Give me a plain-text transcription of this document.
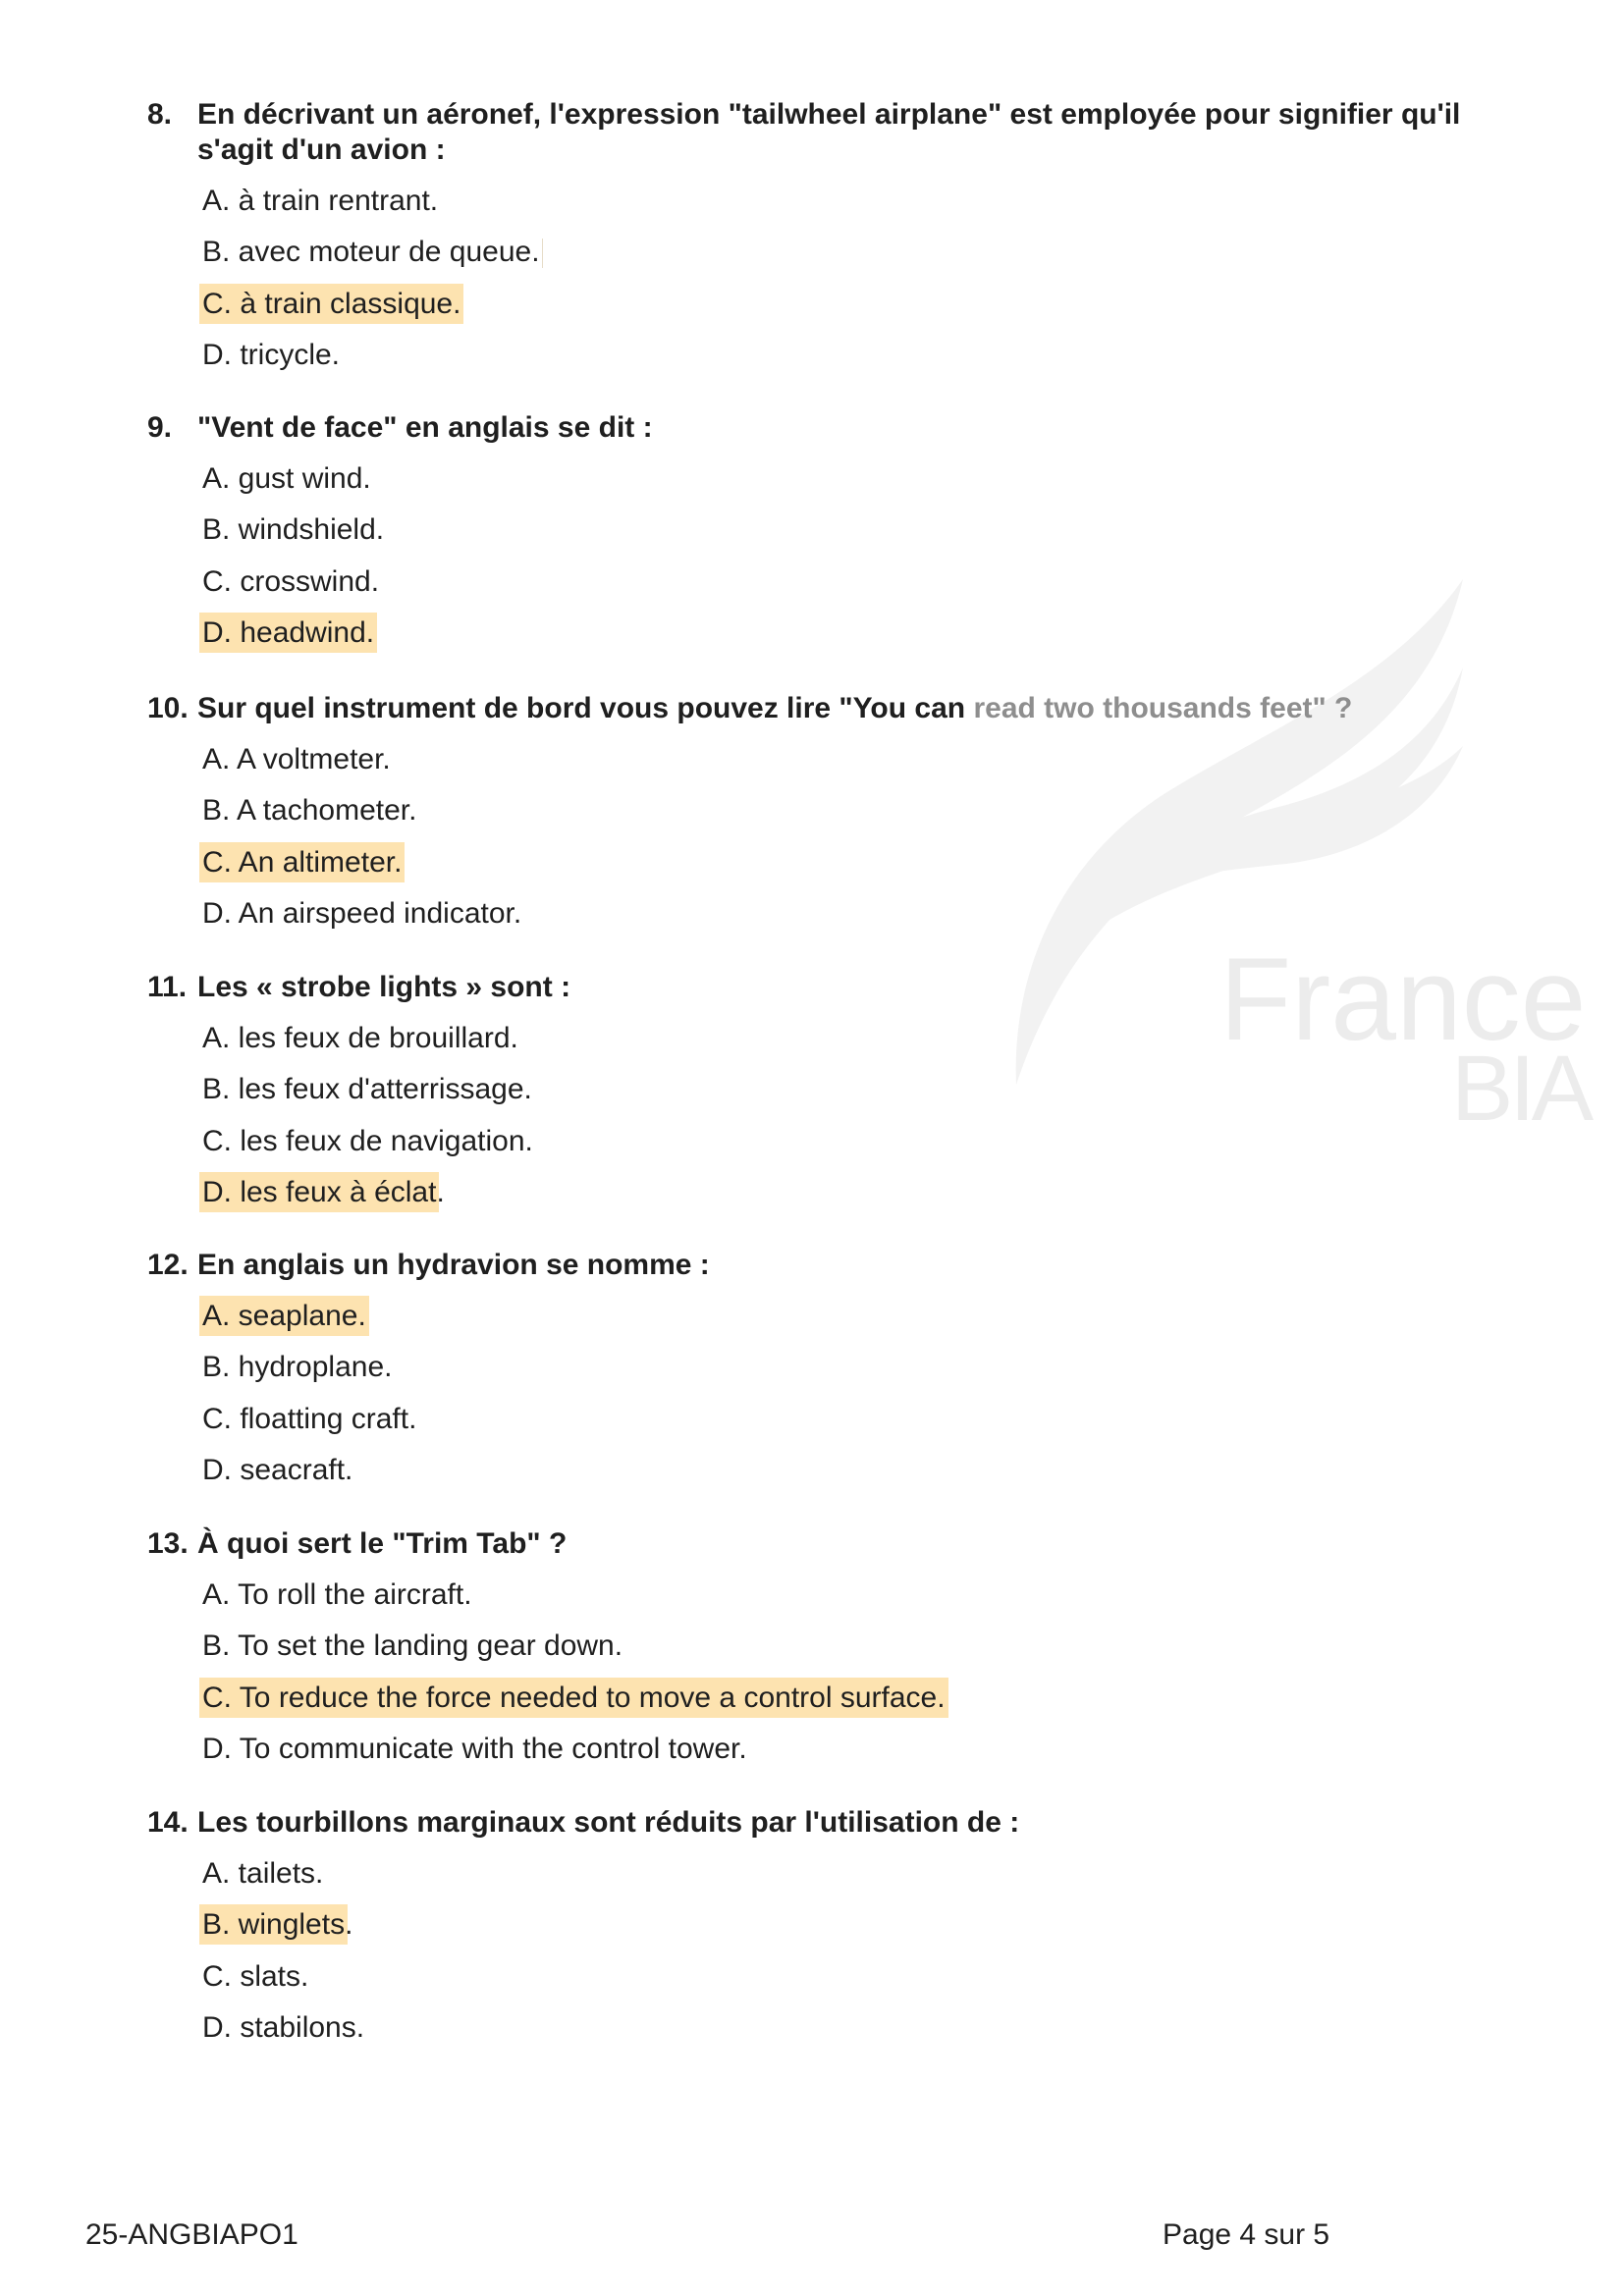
France
BIA
8. En décrivant un aéronef, l'expression "tailwheel airplane" est employée pour signifier qu'il
s'agit d'un avion :
A. à train rentrant.
B. avec moteur de queue.
C. à train classique.
D. tricycle.
9. "Vent de face" en anglais se dit :
A. gust wind.
B. windshield.
C. crosswind.
D. headwind.
10. Sur quel instrument de bord vous pouvez lire "You can read two thousands feet" ?
A. A voltmeter.
B. A tachometer.
C. An altimeter.
D. An airspeed indicator.
11. Les « strobe lights » sont :
A. les feux de brouillard.
B. les feux d'atterrissage.
C. les feux de navigation.
D. les feux à éclat.
12. En anglais un hydravion se nomme :
A. seaplane.
B. hydroplane.
C. floatting craft.
D. seacraft.
13. À quoi sert le "Trim Tab" ?
A. To roll the aircraft.
B. To set the landing gear down.
C. To reduce the force needed to move a control surface.
D. To communicate with the control tower.
14. Les tourbillons marginaux sont réduits par l'utilisation de :
A. tailets.
B. winglets.
C. slats.
D. stabilons.
25-ANGBIAPO1	Page 4 sur 5
